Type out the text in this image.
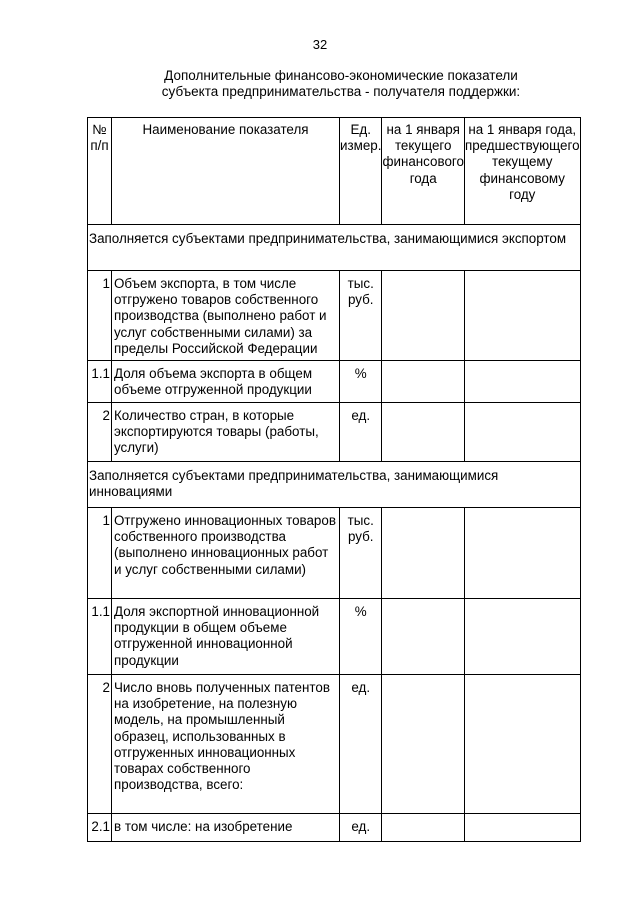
32
Дополнительные финансово-экономические показатели
субъекта предпринимательства - получателя поддержки:
№ п/п	Наименование показателя	Ед. измер.	на 1 января текущего финансового года	на 1 января года, предшествующего текущему финансовому году

Заполняется субъектами предпринимательства, занимающимися экспортом				
1	Объем экспорта, в том числе отгружено товаров собственного производства (выполнено работ и услуг собственными силами) за пределы Российской Федерации	тыс. руб.		
1.1	Доля объема экспорта в общем объеме отгруженной продукции	%		
2	Количество стран, в которые экспортируются товары (работы, услуги)	ед.		
Заполняется субъектами предпринимательства, занимающимися инновациями				
1	Отгружено инновационных товаров собственного производства (выполнено инновационных работ и услуг собственными силами)	тыс. руб.		
1.1	Доля экспортной инновационной продукции в общем объеме отгруженной инновационной продукции	%		
2	Число вновь полученных патентов на изобретение, на полезную модель, на промышленный образец, использованных в отгруженных инновационных товарах собственного производства, всего:	ед.		
2.1	в том числе: на изобретение	ед.		
